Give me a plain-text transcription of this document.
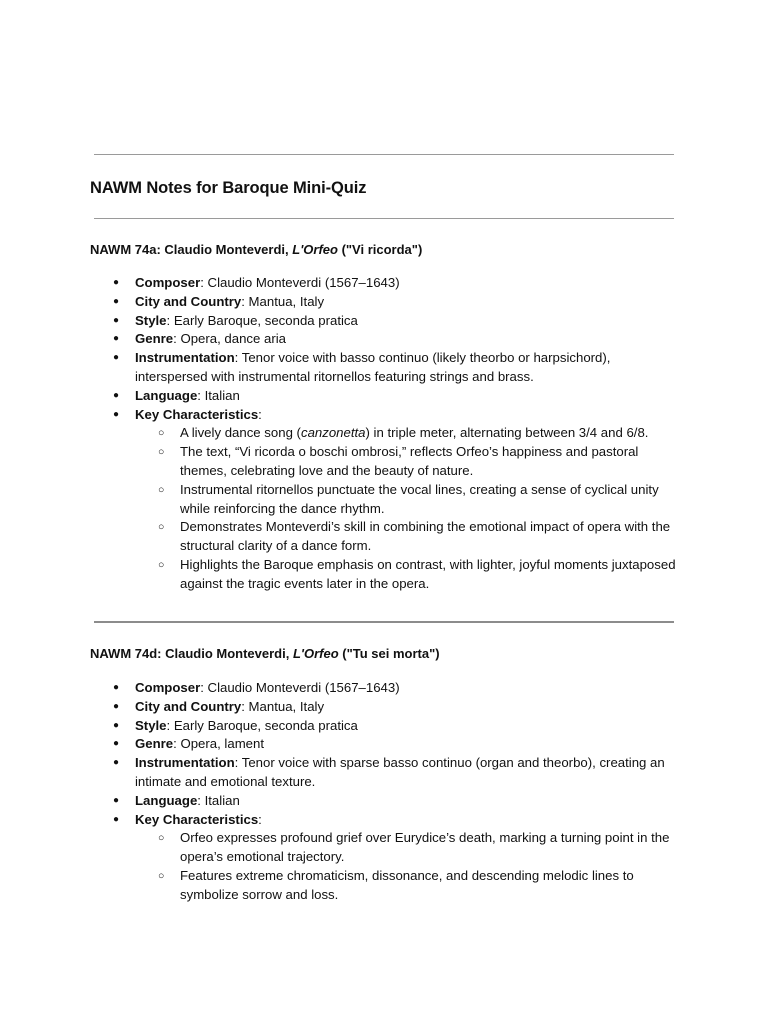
NAWM Notes for Baroque Mini-Quiz
NAWM 74a: Claudio Monteverdi, L'Orfeo ("Vi ricorda")
● Composer: Claudio Monteverdi (1567–1643)
● City and Country: Mantua, Italy
● Style: Early Baroque, seconda pratica
● Genre: Opera, dance aria
● Instrumentation: Tenor voice with basso continuo (likely theorbo or harpsichord), interspersed with instrumental ritornellos featuring strings and brass.
● Language: Italian
● Key Characteristics:
○ A lively dance song (canzonetta) in triple meter, alternating between 3/4 and 6/8.
○ The text, “Vi ricorda o boschi ombrosi,” reflects Orfeo’s happiness and pastoral themes, celebrating love and the beauty of nature.
○ Instrumental ritornellos punctuate the vocal lines, creating a sense of cyclical unity while reinforcing the dance rhythm.
○ Demonstrates Monteverdi’s skill in combining the emotional impact of opera with the structural clarity of a dance form.
○ Highlights the Baroque emphasis on contrast, with lighter, joyful moments juxtaposed against the tragic events later in the opera.
NAWM 74d: Claudio Monteverdi, L'Orfeo ("Tu sei morta")
● Composer: Claudio Monteverdi (1567–1643)
● City and Country: Mantua, Italy
● Style: Early Baroque, seconda pratica
● Genre: Opera, lament
● Instrumentation: Tenor voice with sparse basso continuo (organ and theorbo), creating an intimate and emotional texture.
● Language: Italian
● Key Characteristics:
○ Orfeo expresses profound grief over Eurydice’s death, marking a turning point in the opera’s emotional trajectory.
○ Features extreme chromaticism, dissonance, and descending melodic lines to symbolize sorrow and loss.
